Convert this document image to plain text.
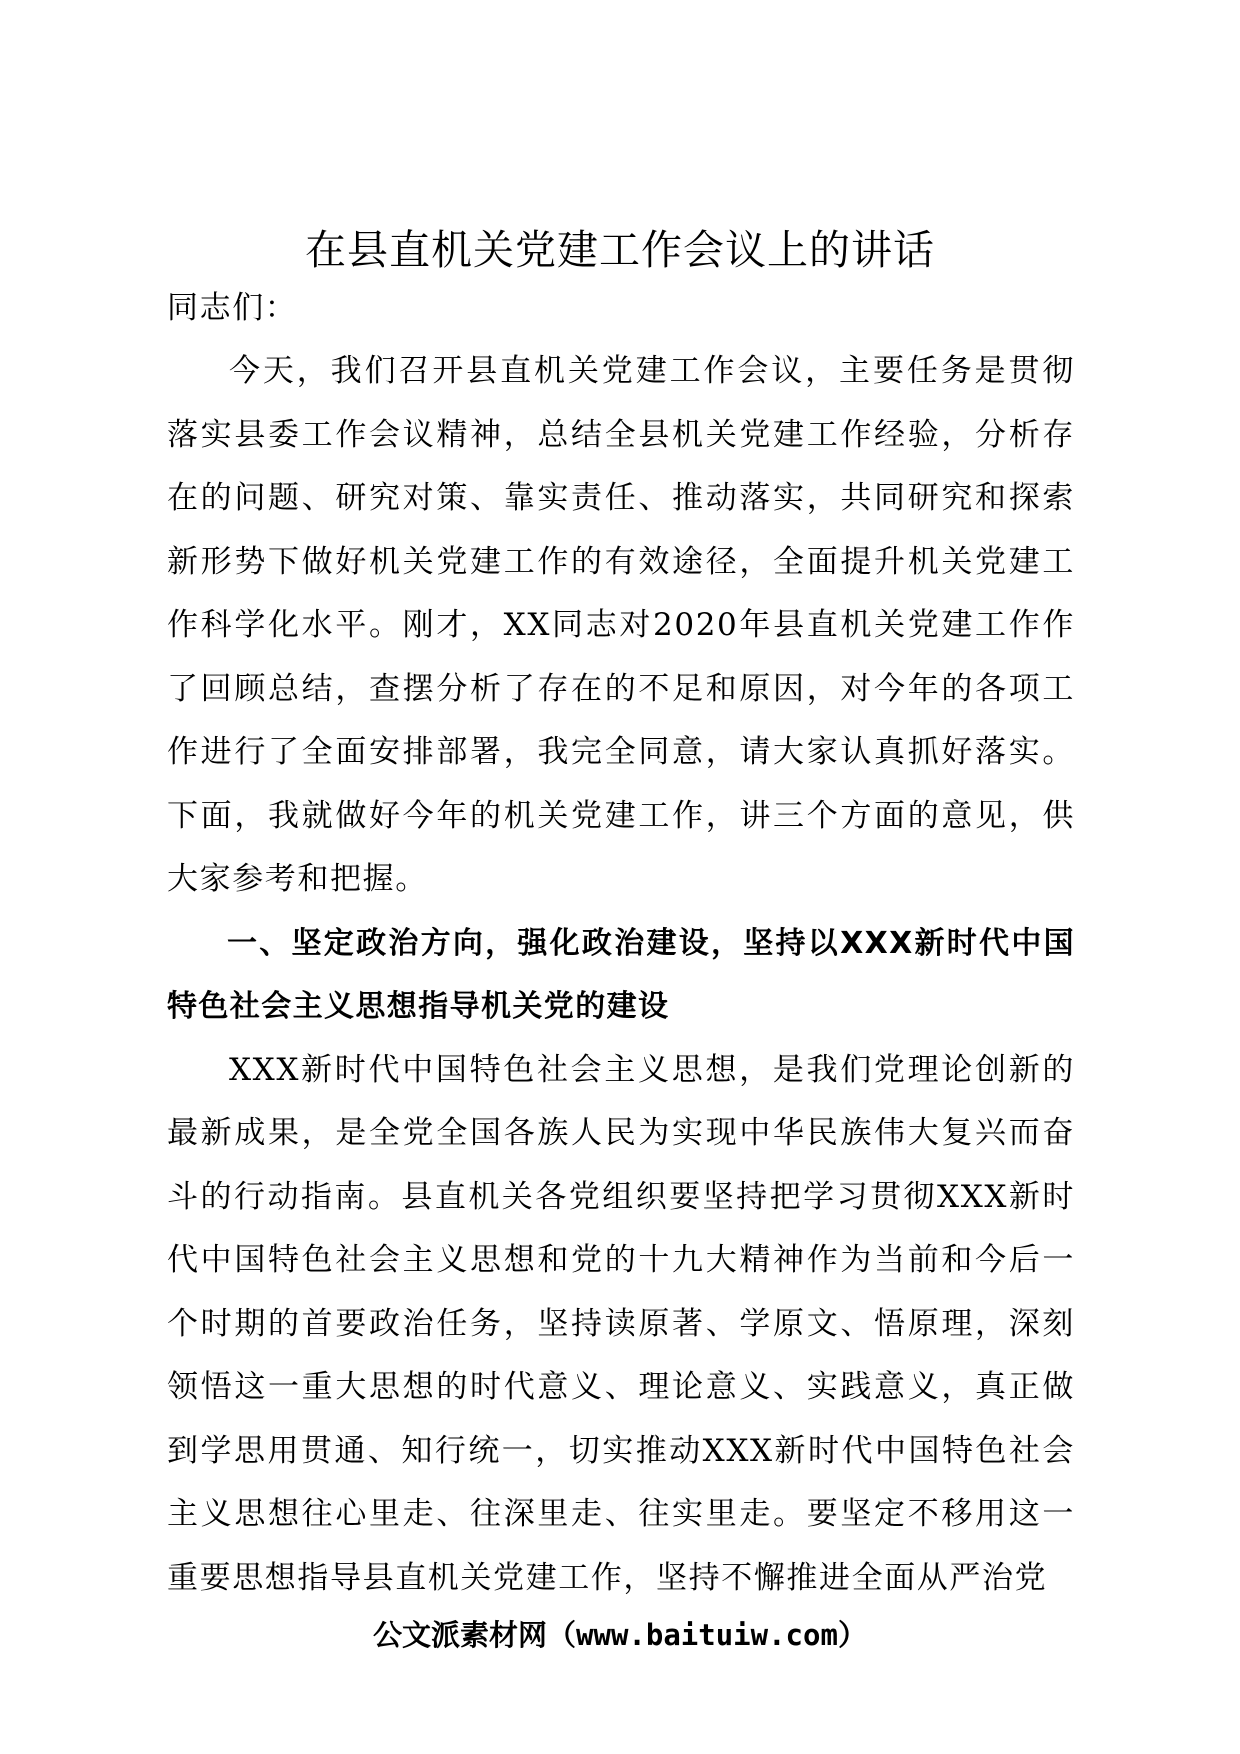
在县直机关党建工作会议上的讲话

同志们：

今天，我们召开县直机关党建工作会议，主要任务是贯彻落实县委工作会议精神，总结全县机关党建工作经验，分析存在的问题、研究对策、靠实责任、推动落实，共同研究和探索新形势下做好机关党建工作的有效途径，全面提升机关党建工作科学化水平。刚才，XX同志对2020年县直机关党建工作作了回顾总结，查摆分析了存在的不足和原因，对今年的各项工作进行了全面安排部署，我完全同意，请大家认真抓好落实。下面，我就做好今年的机关党建工作，讲三个方面的意见，供大家参考和把握。

一、坚定政治方向，强化政治建设，坚持以XXX新时代中国特色社会主义思想指导机关党的建设

XXX新时代中国特色社会主义思想，是我们党理论创新的最新成果，是全党全国各族人民为实现中华民族伟大复兴而奋斗的行动指南。县直机关各党组织要坚持把学习贯彻XXX新时代中国特色社会主义思想和党的十九大精神作为当前和今后一个时期的首要政治任务，坚持读原著、学原文、悟原理，深刻领悟这一重大思想的时代意义、理论意义、实践意义，真正做到学思用贯通、知行统一，切实推动XXX新时代中国特色社会主义思想往心里走、往深里走、往实里走。要坚定不移用这一重要思想指导县直机关党建工作，坚持不懈推进全面从严治党

公文派素材网（www.baituiw.com）
